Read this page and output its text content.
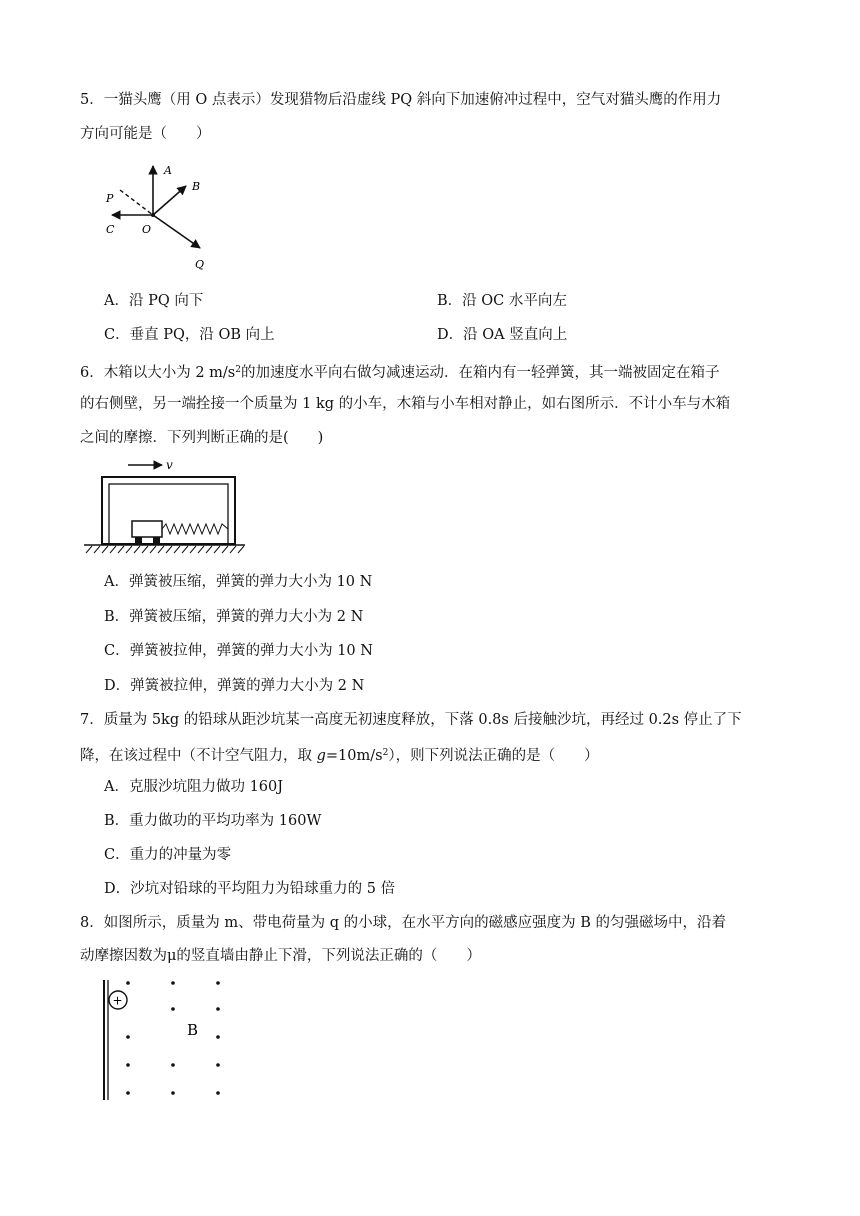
5．一猫头鹰（用 O 点表示）发现猎物后沿虚线 PQ 斜向下加速俯冲过程中，空气对猫头鹰的作用力
方向可能是（　　）
A
B
P
C	O
Q
A．沿 PQ 向下	B．沿 OC 水平向左
C．垂直 PQ，沿 OB 向上	D．沿 OA 竖直向上
6．木箱以大小为 2 $m/s^2$的加速度水平向右做匀减速运动．在箱内有一轻弹簧，其一端被固定在箱子
的右侧壁，另一端拴接一个质量为 1 kg 的小车，木箱与小车相对静止，如右图所示．不计小车与木箱
之间的摩擦．下列判断正确的是(　　)
v
A．弹簧被压缩，弹簧的弹力大小为 10 N
B．弹簧被压缩，弹簧的弹力大小为 2 N
C．弹簧被拉伸，弹簧的弹力大小为 10 N
D．弹簧被拉伸，弹簧的弹力大小为 2 N
7．质量为 5kg 的铅球从距沙坑某一高度无初速度释放，下落 0.8s 后接触沙坑，再经过 0.2s 停止了下
降，在该过程中（不计空气阻力，取 $g=10m/s^2$），则下列说法正确的是（　　）
A．克服沙坑阻力做功 160J
B．重力做功的平均功率为 160W
C．重力的冲量为零
D．沙坑对铅球的平均阻力为铅球重力的 5 倍
8．如图所示，质量为 m、带电荷量为 q 的小球，在水平方向的磁感应强度为 B 的匀强磁场中，沿着
动摩擦因数为μ的竖直墙由静止下滑，下列说法正确的（　　）
+
B
